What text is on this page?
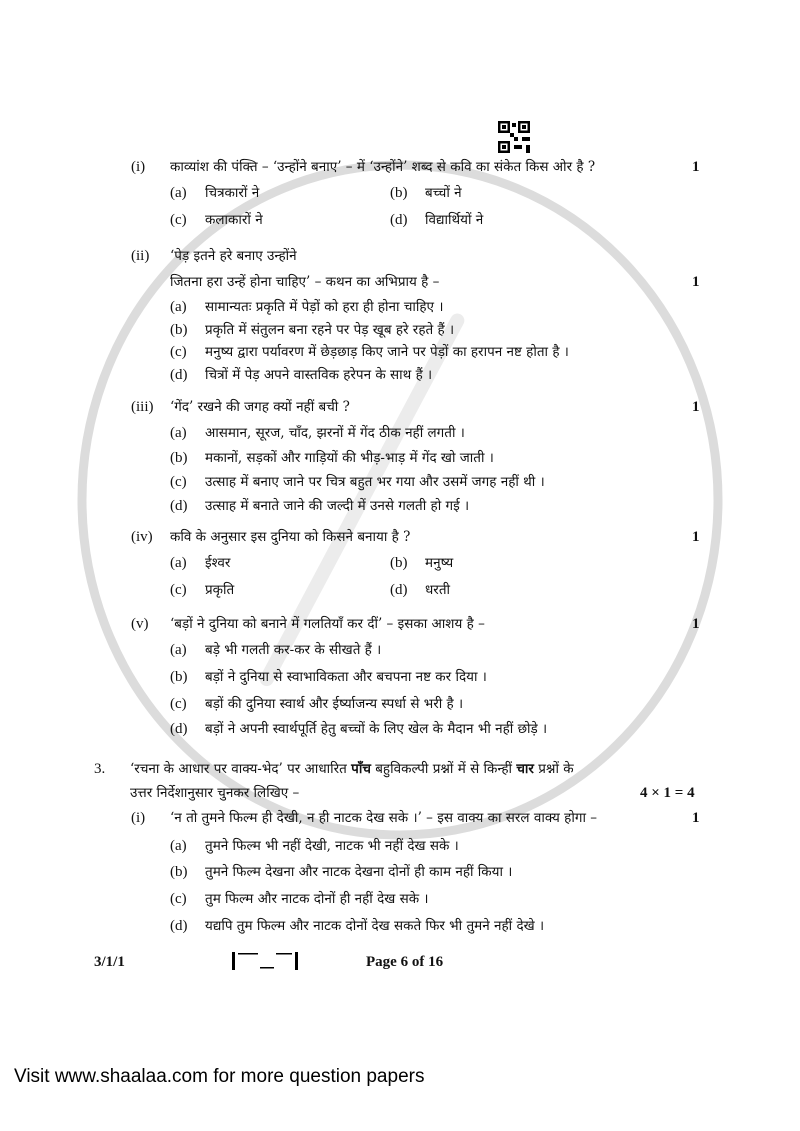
(i) काव्यांश की पंक्ति – ‘उन्होंने बनाए’ – में ‘उन्होंने’ शब्द से कवि का संकेत किस ओर है ?	1
(a) चित्रकारों ने	(b) बच्चों ने
(c) कलाकारों ने	(d) विद्यार्थियों ने
(ii) ‘पेड़ इतने हरे बनाए उन्होंने
जितना हरा उन्हें होना चाहिए’ – कथन का अभिप्राय है –	1
(a) सामान्यतः प्रकृति में पेड़ों को हरा ही होना चाहिए ।
(b) प्रकृति में संतुलन बना रहने पर पेड़ खूब हरे रहते हैं ।
(c) मनुष्य द्वारा पर्यावरण में छेड़छाड़ किए जाने पर पेड़ों का हरापन नष्ट होता है ।
(d) चित्रों में पेड़ अपने वास्तविक हरेपन के साथ हैं ।
(iii) ‘गेंद’ रखने की जगह क्यों नहीं बची ?	1
(a) आसमान, सूरज, चाँद, झरनों में गेंद ठीक नहीं लगती ।
(b) मकानों, सड़कों और गाड़ियों की भीड़-भाड़ में गेंद खो जाती ।
(c) उत्साह में बनाए जाने पर चित्र बहुत भर गया और उसमें जगह नहीं थी ।
(d) उत्साह में बनाते जाने की जल्दी में उनसे गलती हो गई ।
(iv) कवि के अनुसार इस दुनिया को किसने बनाया है ?	1
(a) ईश्वर	(b) मनुष्य
(c) प्रकृति	(d) धरती
(v) ‘बड़ों ने दुनिया को बनाने में गलतियाँ कर दीं’ – इसका आशय है –	1
(a) बड़े भी गलती कर-कर के सीखते हैं ।
(b) बड़ों ने दुनिया से स्वाभाविकता और बचपना नष्ट कर दिया ।
(c) बड़ों की दुनिया स्वार्थ और ईर्ष्याजन्य स्पर्धा से भरी है ।
(d) बड़ों ने अपनी स्वार्थपूर्ति हेतु बच्चों के लिए खेल के मैदान भी नहीं छोड़े ।
3. ‘रचना के आधार पर वाक्य-भेद’ पर आधारित पाँच बहुविकल्पी प्रश्नों में से किन्हीं चार प्रश्नों के
उत्तर निर्देशानुसार चुनकर लिखिए –	4 × 1 = 4
(i) ‘न तो तुमने फिल्म ही देखी, न ही नाटक देख सके ।’ – इस वाक्य का सरल वाक्य होगा –	1
(a) तुमने फिल्म भी नहीं देखी, नाटक भी नहीं देख सके ।
(b) तुमने फिल्म देखना और नाटक देखना दोनों ही काम नहीं किया ।
(c) तुम फिल्म और नाटक दोनों ही नहीं देख सके ।
(d) यद्यपि तुम फिल्म और नाटक दोनों देख सकते फिर भी तुमने नहीं देखे ।
3/1/1	Page 6 of 16
Visit www.shaalaa.com for more question papers
